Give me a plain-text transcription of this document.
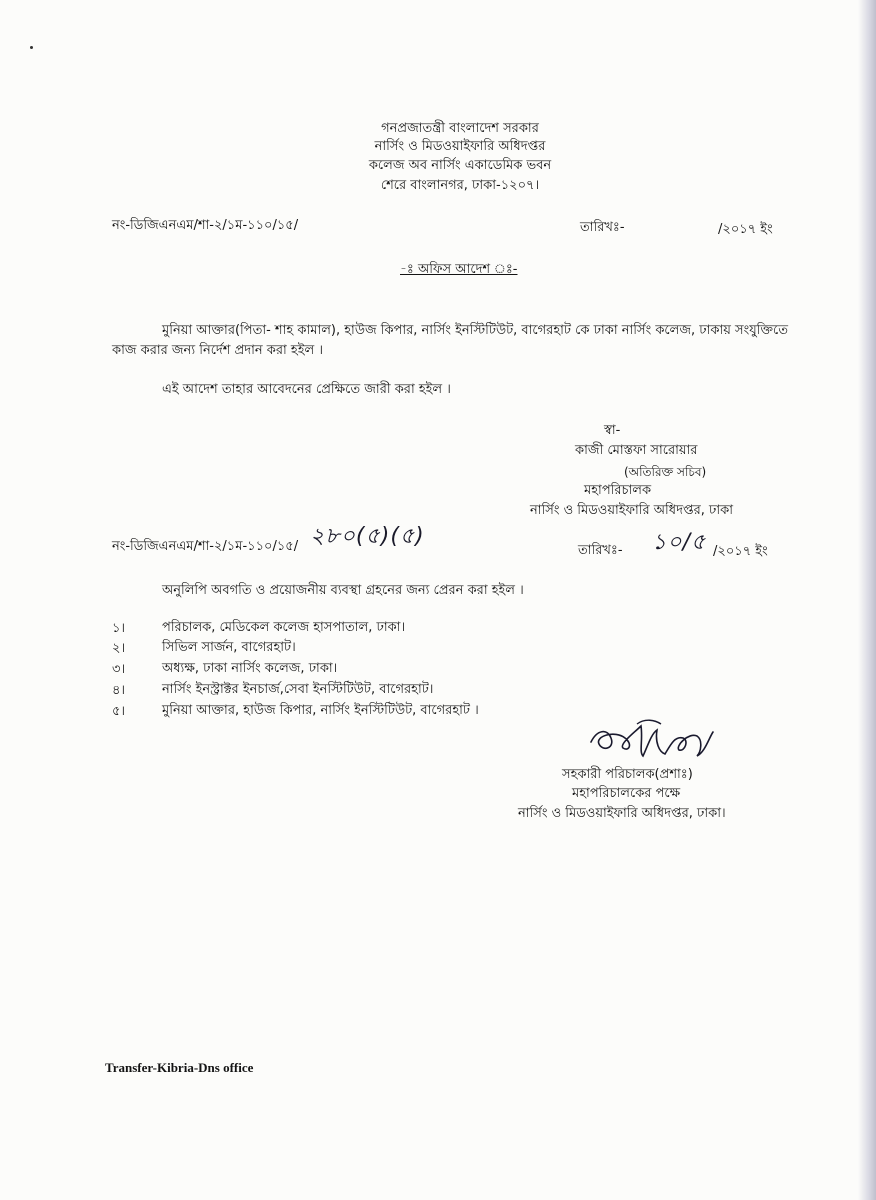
গনপ্রজাতন্ত্রী বাংলাদেশ সরকার
নার্সিং ও মিডওয়াইফারি অধিদপ্তর
কলেজ অব নার্সিং একাডেমিক ভবন
শেরে বাংলানগর, ঢাকা-১২০৭।
নং-ডিজিএনএম/শা-২/১ম-১১০/১৫/	তারিখঃ-	/২০১৭ ইং
-ঃ অফিস আদেশ ঃ-
মুনিয়া আক্তার(পিতা- শাহ কামাল), হাউজ কিপার, নার্সিং ইনস্টিটিউট, বাগেরহাট কে ঢাকা নার্সিং কলেজ, ঢাকায় সংযুক্তিতে
কাজ করার জন্য নির্দেশ প্রদান করা হইল ।
এই আদেশ তাহার আবেদনের প্রেক্ষিতে জারী করা হইল ।
স্বা-
কাজী মোস্তফা সারোয়ার
(অতিরিক্ত সচিব)
মহাপরিচালক
নার্সিং ও মিডওয়াইফারি অধিদপ্তর, ঢাকা
নং-ডিজিএনএম/শা-২/১ম-১১০/১৫/ ২৮০(৫)(৫)
তারিখঃ- ১০/৫ /২০১৭ ইং
অনুলিপি অবগতি ও প্রয়োজনীয় ব্যবস্থা গ্রহনের জন্য প্রেরন করা হইল ।
১।	পরিচালক, মেডিকেল কলেজ হাসপাতাল, ঢাকা।
২।	সিভিল সার্জন, বাগেরহাট।
৩।	অধ্যক্ষ, ঢাকা নার্সিং কলেজ, ঢাকা।
৪।	নার্সিং ইনস্ট্রাক্টর ইনচার্জ,সেবা ইনস্টিটিউট, বাগেরহাট।
৫।	মুনিয়া আক্তার, হাউজ কিপার, নার্সিং ইনস্টিটিউট, বাগেরহাট ।
সহকারী পরিচালক(প্রশাঃ)
মহাপরিচালকের পক্ষে
নার্সিং ও মিডওয়াইফারি অধিদপ্তর, ঢাকা।
Transfer-Kibria-Dns office
